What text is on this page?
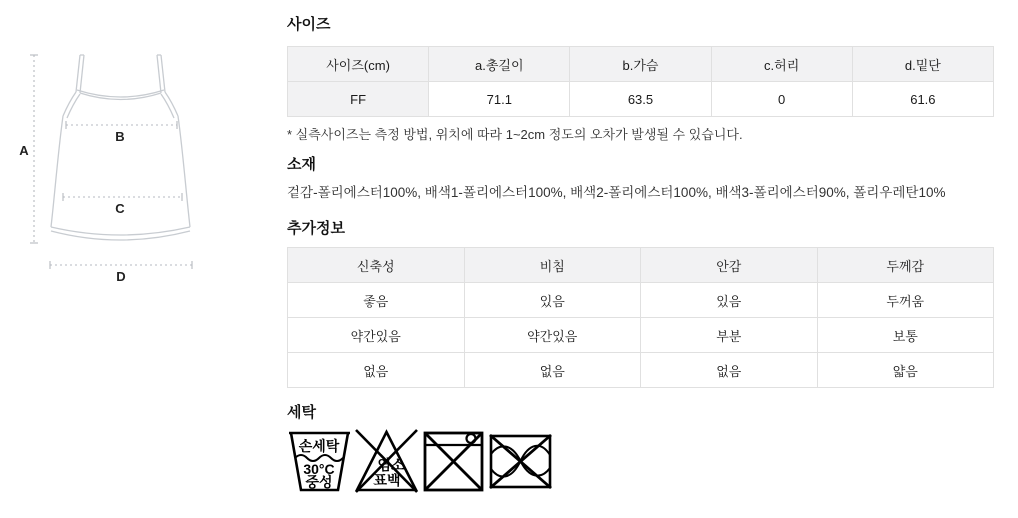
A
B
C
D
사이즈
사이즈(cm)	a.총길이	b.가슴	c.허리	d.밑단
FF	71.1	63.5	0	61.6

* 실측사이즈는 측정 방법, 위치에 따라 1~2cm 정도의 오차가 발생될 수 있습니다.

소재

겉감-폴리에스터100%, 배색1-폴리에스터100%, 배색2-폴리에스터100%, 배색3-폴리에스터90%, 폴리우레탄10%

추가정보
신축성	비침	안감	두께감
좋음	있음	있음	두꺼움
약간있음	약간있음	부분	보통
없음	없음	없음	얇음
세탁
손세탁
30°C
중성
염소
표백
